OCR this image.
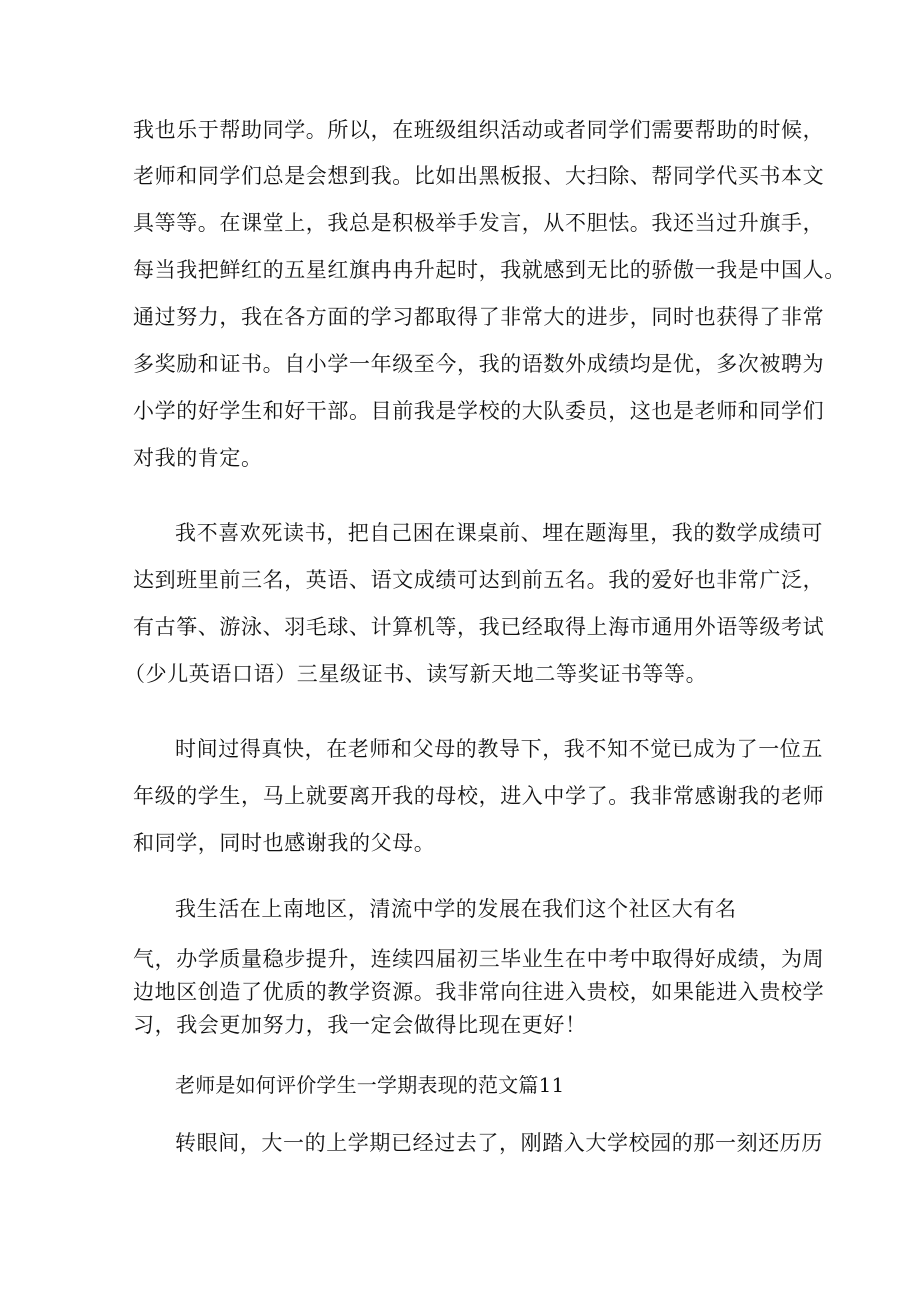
我也乐于帮助同学。所以，在班级组织活动或者同学们需要帮助的时候，
老师和同学们总是会想到我。比如出黑板报、大扫除、帮同学代买书本文
具等等。在课堂上，我总是积极举手发言，从不胆怯。我还当过升旗手，
每当我把鲜红的五星红旗冉冉升起时，我就感到无比的骄傲一我是中国人。
通过努力，我在各方面的学习都取得了非常大的进步，同时也获得了非常
多奖励和证书。自小学一年级至今，我的语数外成绩均是优，多次被聘为
小学的好学生和好干部。目前我是学校的大队委员，这也是老师和同学们
对我的肯定。
我不喜欢死读书，把自己困在课桌前、埋在题海里，我的数学成绩可
达到班里前三名，英语、语文成绩可达到前五名。我的爱好也非常广泛，
有古筝、游泳、羽毛球、计算机等，我已经取得上海市通用外语等级考试
（少儿英语口语）三星级证书、读写新天地二等奖证书等等。
时间过得真快，在老师和父母的教导下，我不知不觉已成为了一位五
年级的学生，马上就要离开我的母校，进入中学了。我非常感谢我的老师
和同学，同时也感谢我的父母。
我生活在上南地区，清流中学的发展在我们这个社区大有名
气，办学质量稳步提升，连续四届初三毕业生在中考中取得好成绩，为周
边地区创造了优质的教学资源。我非常向往进入贵校，如果能进入贵校学
习，我会更加努力，我一定会做得比现在更好！
老师是如何评价学生一学期表现的范文篇11
转眼间，大一的上学期已经过去了，刚踏入大学校园的那一刻还历历
